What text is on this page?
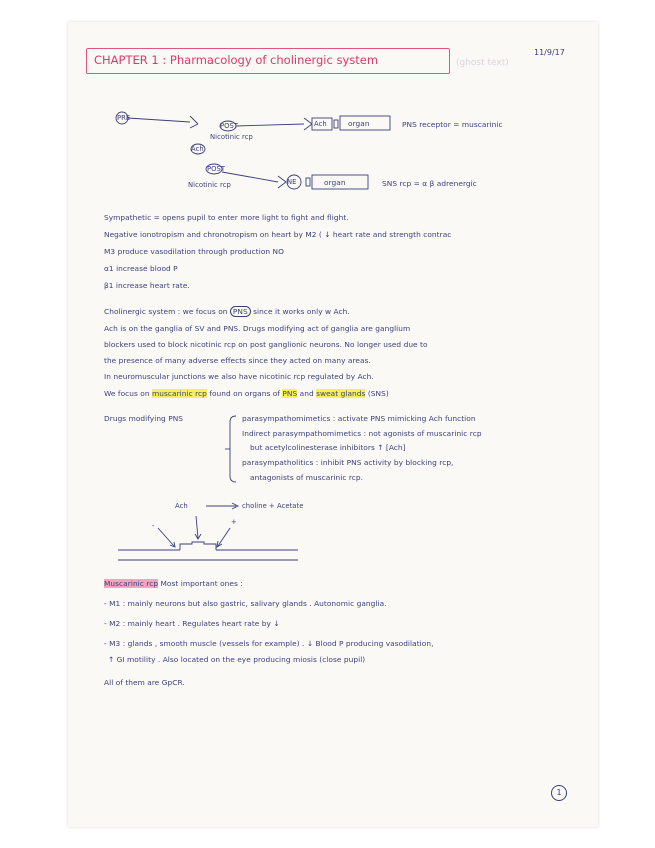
CHAPTER 1 : Pharmacology of cholinergic system	(ghost text)
11/9/17
PRE
POST	Ach	organ
Nicotinic rcp
PNS receptor = muscarinic
Ach
POST
Nicotinic rcp	NE	organ	SNS rcp = α β adrenergic
Sympathetic = opens pupil to enter more light to fight and flight.
Negative ionotropism and chronotropism on heart by M2 ( ↓ heart rate and strength contrac
M3 produce vasodilation through production NO
α1 increase blood P
β1 increase heart rate.
Cholinergic system : we focus on PNS since it works only w Ach.
Ach is on the ganglia of SV and PNS. Drugs modifying act of ganglia are ganglium
blockers used to block nicotinic rcp on post ganglionic neurons. No longer used due to
the presence of many adverse effects since they acted on many areas.
In neuromuscular junctions we also have nicotinic rcp regulated by Ach.
We focus on muscarinic rcp found on organs of PNS and sweat glands (SNS)
Drugs modifying PNS	parasympathomimetics : activate PNS mimicking Ach function
Indirect parasympathomimetics : not agonists of muscarinic rcp
but acetylcolinesterase inhibitors ↑ [Ach]
parasympatholitics : inhibit PNS activity by blocking rcp,
antagonists of muscarinic rcp.
Ach	choline + Acetate
-	+
Muscarinic rcp Most important ones :
- M1 : mainly neurons but also gastric, salivary glands . Autonomic ganglia.
- M2 : mainly heart . Regulates heart rate by ↓
- M3 : glands , smooth muscle (vessels for example) . ↓ Blood P producing vasodilation,
↑ GI motility . Also located on the eye producing miosis (close pupil)
All of them are GpCR.
1
